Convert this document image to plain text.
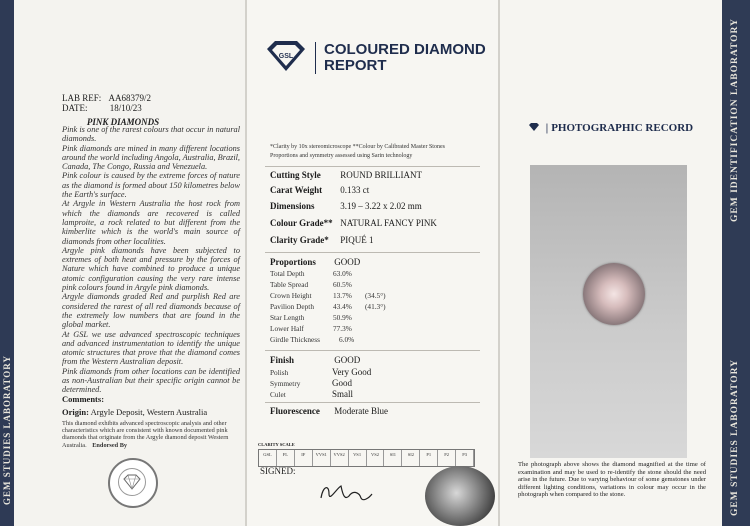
GEM STUDIES LABORATORY
LAB REF: AA68379/2
DATE: 18/10/23
PINK DIAMONDS

Pink is one of the rarest colours that occur in natural diamonds.

Pink diamonds are mined in many different locations around the world including Angola, Australia, Brazil, Canada, The Congo, Russia and Venezuela.

Pink colour is caused by the extreme forces of nature as the diamond is formed about 150 kilometres below the Earth's surface.

At Argyle in Western Australia the host rock from which the diamonds are recovered is called lamproite, a rock related to but different from the kimberlite which is the world's main source of diamonds from other localities.

Argyle pink diamonds have been subjected to extremes of both heat and pressure by the forces of Nature which have combined to produce a unique atomic configuration causing the very rare intense pink colours found in Argyle pink diamonds.

Argyle diamonds graded Red and purplish Red are considered the rarest of all red diamonds because of the extremely low numbers that are found in the global market.

At GSL we use advanced spectroscopic techniques and advanced instrumentation to identify the unique atomic structures that prove that the diamond comes from the Western Australian deposit.

Pink diamonds from other locations can be identified as non-Australian but their specific origin cannot be determined.

Comments:
Origin: Argyle Deposit, Western Australia
This diamond exhibits advanced spectroscopic analysis and other characteristics which are consistent with known documented pink diamonds that originate from the Argyle diamond deposit Western Australia. Endorsed By
GSL COLOURED DIAMOND
REPORT
*Clarity by 10x stereomicroscope **Colour by Calibrated Master Stones
Proportions and symmetry assessed using Sarin technology
Cutting Style ROUND BRILLIANT
Carat Weight 0.133 ct
Dimensions	3.19 – 3.22 x 2.02 mm
Colour Grade** NATURAL FANCY PINK
Clarity Grade* PIQUÉ 1
Proportions GOOD
Total Depth	63.0%
Table Spread	60.5%
Crown Height	13.7% (34.5°)
Pavilion Depth	43.4% (41.3°)
Star Length	50.9%
Lower Half	77.3%
Girdle Thickness	6.0%
Finish	GOOD
Polish	Very Good
Symmetry	Good
Culet	Small
Fluorescence Moderate Blue
CLARITY SCALE
GSL	FL	IF	VVS1	VVS2	VS1	VS2	SI1	SI2	P1	P2	P3
SIGNED:
| PHOTOGRAPHIC RECORD
The photograph above shows the diamond magnified at the time of examination and may be used to re-identify the stone should the need arise in the future. Due to varying behaviour of some gemstones under different lighting conditions, variations in colour may occur in the photograph when compared to the stone.
GEM IDENTIFICATION LABORATORY
GEM STUDIES LABORATORY
